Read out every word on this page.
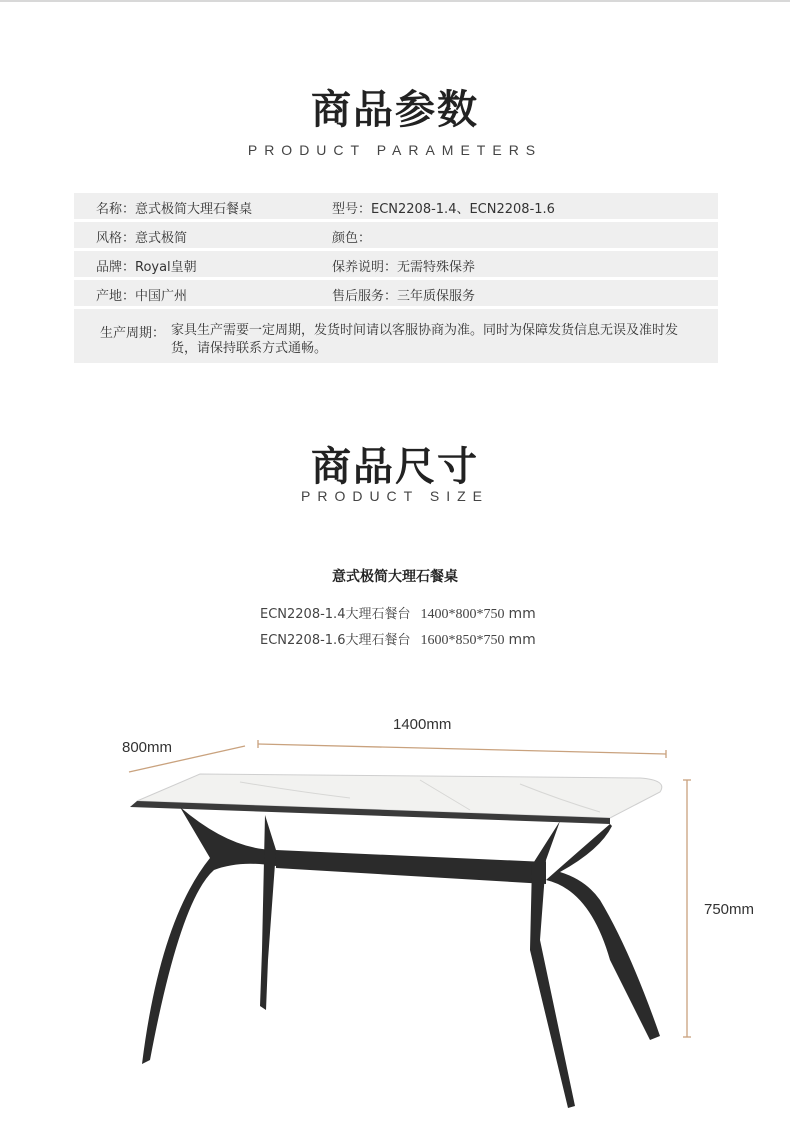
商品参数
PRODUCT PARAMETERS
名称：意式极简大理石餐桌	型号：ECN2208-1.4、ECN2208-1.6
风格：意式极简	颜色：
品牌：Royal皇朝	保养说明：无需特殊保养
产地：中国广州	售后服务：三年质保服务
生产周期： 家具生产需要一定周期，发货时间请以客服协商为准。同时为保障发货信息无误及准时发货，请保持联系方式通畅。
商品尺寸
PRODUCT SIZE
意式极简大理石餐桌
ECN2208-1.4大理石餐台 1400*800*750 mm
ECN2208-1.6大理石餐台 1600*850*750 mm
1400mm
800mm
750mm
